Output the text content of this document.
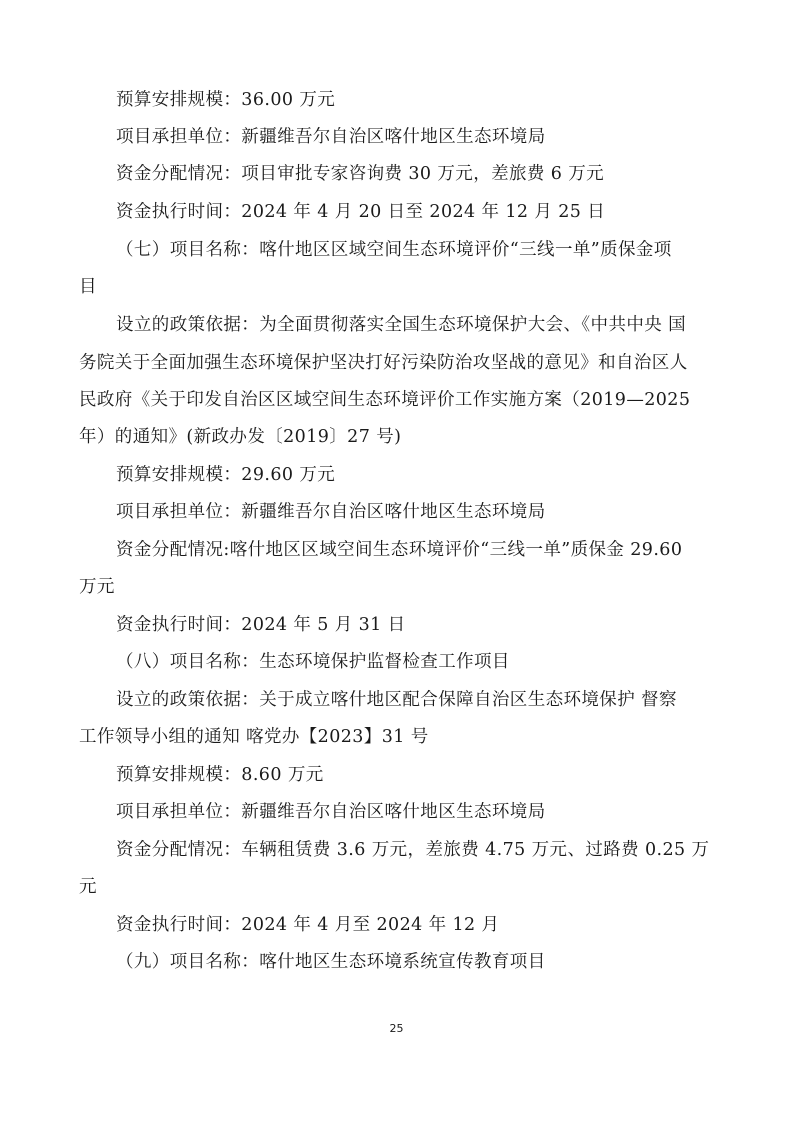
预算安排规模：36.00 万元
项目承担单位：新疆维吾尔自治区喀什地区生态环境局
资金分配情况：项目审批专家咨询费 30 万元，差旅费 6 万元
资金执行时间：2024 年 4 月 20 日至 2024 年 12 月 25 日
（七）项目名称：喀什地区区域空间生态环境评价“三线一单”质保金项
目
设立的政策依据：为全面贯彻落实全国生态环境保护大会、《中共中央 国
务院关于全面加强生态环境保护坚决打好污染防治攻坚战的意见》和自治区人
民政府《关于印发自治区区域空间生态环境评价工作实施方案（2019—2025
年）的通知》(新政办发〔2019〕27 号)
预算安排规模：29.60 万元
项目承担单位：新疆维吾尔自治区喀什地区生态环境局
资金分配情况:喀什地区区域空间生态环境评价“三线一单”质保金 29.60
万元
资金执行时间：2024 年 5 月 31 日
（八）项目名称：生态环境保护监督检查工作项目
设立的政策依据：关于成立喀什地区配合保障自治区生态环境保护 督察
工作领导小组的通知 喀党办【2023】31 号
预算安排规模：8.60 万元
项目承担单位：新疆维吾尔自治区喀什地区生态环境局
资金分配情况：车辆租赁费 3.6 万元，差旅费 4.75 万元、过路费 0.25 万
元
资金执行时间：2024 年 4 月至 2024 年 12 月
（九）项目名称：喀什地区生态环境系统宣传教育项目
25
